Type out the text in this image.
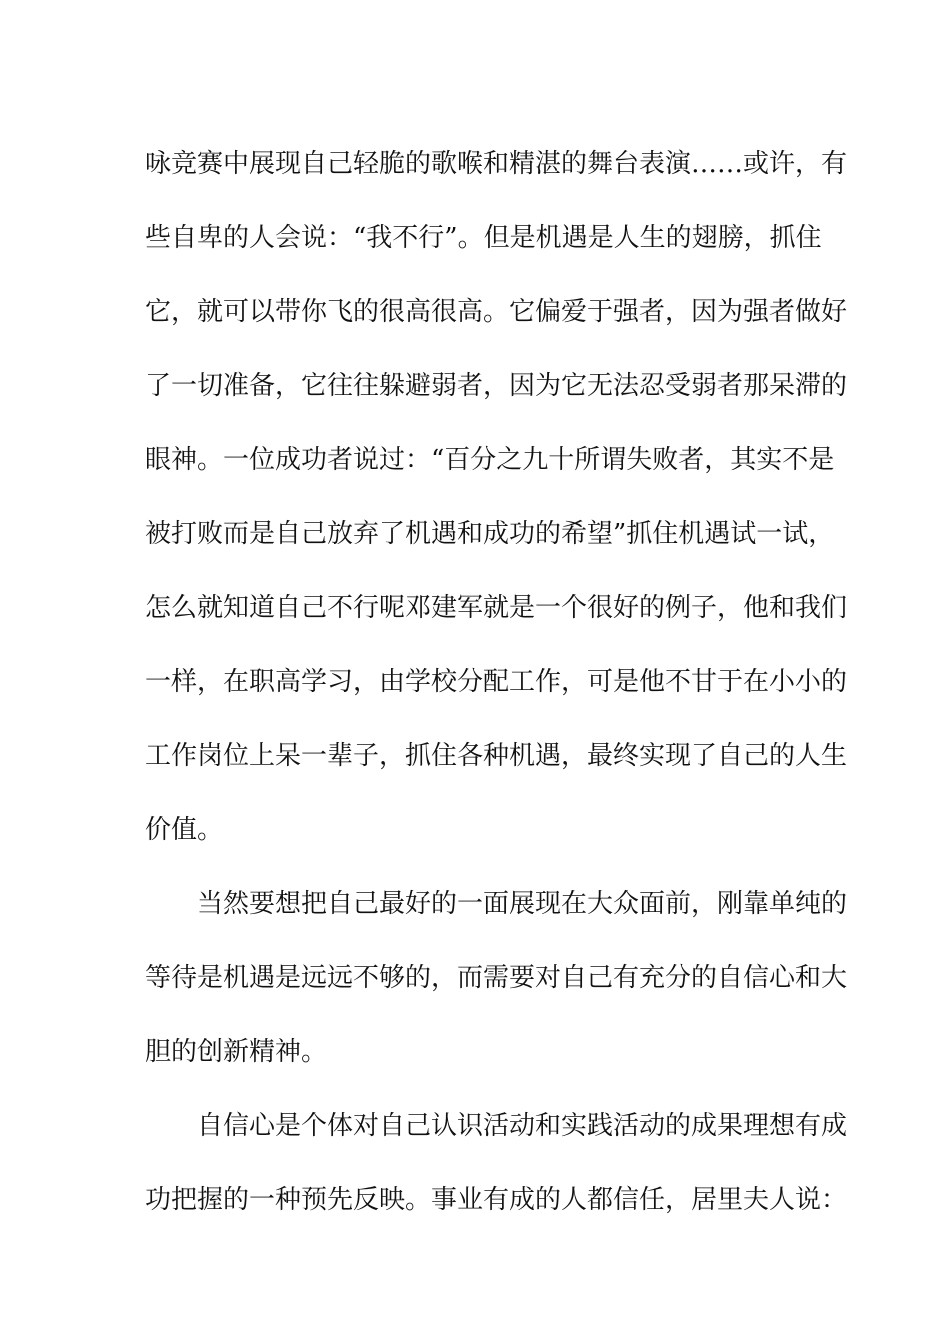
咏竞赛中展现自己轻脆的歌喉和精湛的舞台表演……或许，有
些自卑的人会说：“我不行”。但是机遇是人生的翅膀，抓住
它，就可以带你飞的很高很高。它偏爱于强者，因为强者做好
了一切准备，它往往躲避弱者，因为它无法忍受弱者那呆滞的
眼神。一位成功者说过：“百分之九十所谓失败者，其实不是
被打败而是自己放弃了机遇和成功的希望”抓住机遇试一试，
怎么就知道自己不行呢邓建军就是一个很好的例子，他和我们
一样，在职高学习，由学校分配工作，可是他不甘于在小小的
工作岗位上呆一辈子，抓住各种机遇，最终实现了自己的人生
价值。

当然要想把自己最好的一面展现在大众面前，刚靠单纯的
等待是机遇是远远不够的，而需要对自己有充分的自信心和大
胆的创新精神。

自信心是个体对自己认识活动和实践活动的成果理想有成
功把握的一种预先反映。事业有成的人都信任，居里夫人说：
